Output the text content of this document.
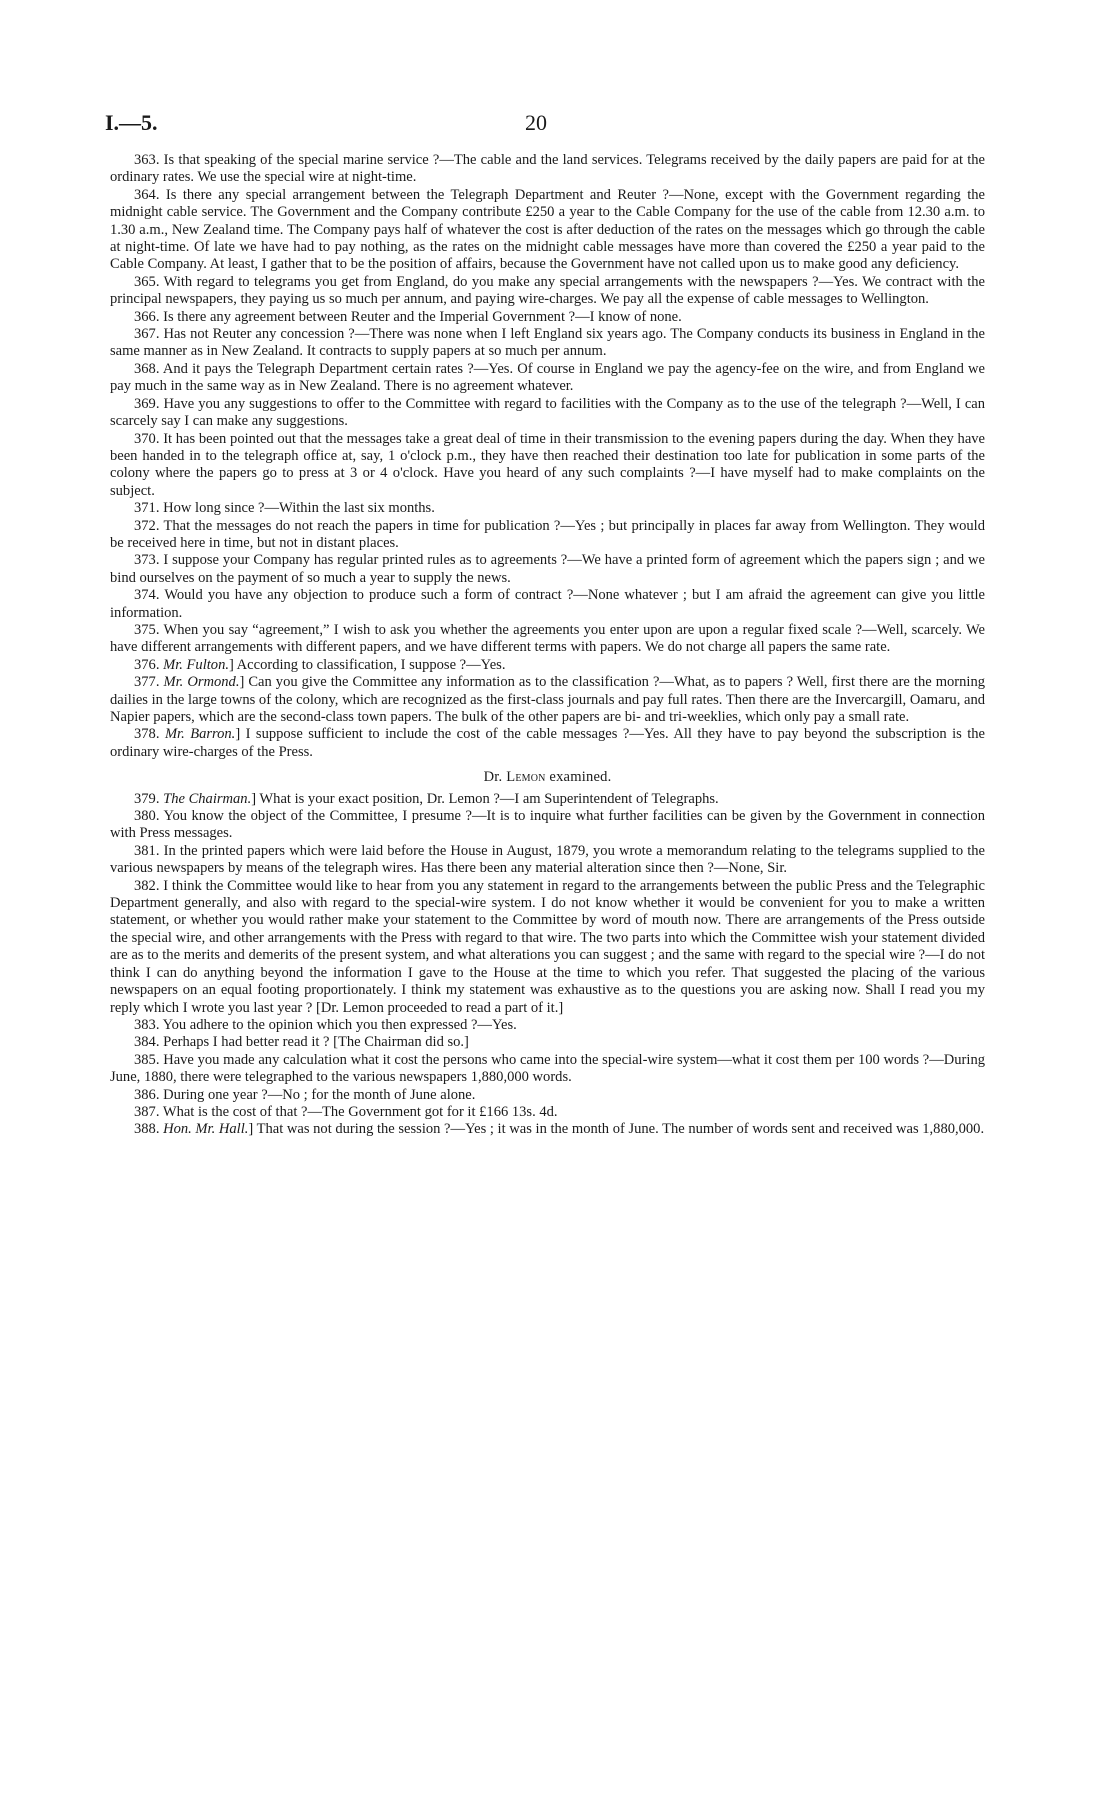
I.—5.	20

363. Is that speaking of the special marine service ?—The cable and the land services. Telegrams received by the daily papers are paid for at the ordinary rates. We use the special wire at night-time.

364. Is there any special arrangement between the Telegraph Department and Reuter ?—None, except with the Government regarding the midnight cable service. The Government and the Company contribute £250 a year to the Cable Company for the use of the cable from 12.30 a.m. to 1.30 a.m., New Zealand time. The Company pays half of whatever the cost is after deduction of the rates on the messages which go through the cable at night-time. Of late we have had to pay nothing, as the rates on the midnight cable messages have more than covered the £250 a year paid to the Cable Company. At least, I gather that to be the position of affairs, because the Government have not called upon us to make good any deficiency.

365. With regard to telegrams you get from England, do you make any special arrangements with the newspapers ?—Yes. We contract with the principal newspapers, they paying us so much per annum, and paying wire-charges. We pay all the expense of cable messages to Wellington.

366. Is there any agreement between Reuter and the Imperial Government ?—I know of none.

367. Has not Reuter any concession ?—There was none when I left England six years ago. The Company conducts its business in England in the same manner as in New Zealand. It contracts to supply papers at so much per annum.

368. And it pays the Telegraph Department certain rates ?—Yes. Of course in England we pay the agency-fee on the wire, and from England we pay much in the same way as in New Zealand. There is no agreement whatever.

369. Have you any suggestions to offer to the Committee with regard to facilities with the Company as to the use of the telegraph ?—Well, I can scarcely say I can make any suggestions.

370. It has been pointed out that the messages take a great deal of time in their transmission to the evening papers during the day. When they have been handed in to the telegraph office at, say, 1 o'clock p.m., they have then reached their destination too late for publication in some parts of the colony where the papers go to press at 3 or 4 o'clock. Have you heard of any such complaints ?—I have myself had to make complaints on the subject.

371. How long since ?—Within the last six months.

372. That the messages do not reach the papers in time for publication ?—Yes ; but principally in places far away from Wellington. They would be received here in time, but not in distant places.

373. I suppose your Company has regular printed rules as to agreements ?—We have a printed form of agreement which the papers sign ; and we bind ourselves on the payment of so much a year to supply the news.

374. Would you have any objection to produce such a form of contract ?—None whatever ; but I am afraid the agreement can give you little information.

375. When you say “agreement,” I wish to ask you whether the agreements you enter upon are upon a regular fixed scale ?—Well, scarcely. We have different arrangements with different papers, and we have different terms with papers. We do not charge all papers the same rate.

376. Mr. Fulton.] According to classification, I suppose ?—Yes.

377. Mr. Ormond.] Can you give the Committee any information as to the classification ?—What, as to papers ? Well, first there are the morning dailies in the large towns of the colony, which are recognized as the first-class journals and pay full rates. Then there are the Invercargill, Oamaru, and Napier papers, which are the second-class town papers. The bulk of the other papers are bi- and tri-weeklies, which only pay a small rate.

378. Mr. Barron.] I suppose sufficient to include the cost of the cable messages ?—Yes. All they have to pay beyond the subscription is the ordinary wire-charges of the Press.

Dr. Lemon examined.

379. The Chairman.] What is your exact position, Dr. Lemon ?—I am Superintendent of Telegraphs.

380. You know the object of the Committee, I presume ?—It is to inquire what further facilities can be given by the Government in connection with Press messages.

381. In the printed papers which were laid before the House in August, 1879, you wrote a memorandum relating to the telegrams supplied to the various newspapers by means of the telegraph wires. Has there been any material alteration since then ?—None, Sir.

382. I think the Committee would like to hear from you any statement in regard to the arrangements between the public Press and the Telegraphic Department generally, and also with regard to the special-wire system. I do not know whether it would be convenient for you to make a written statement, or whether you would rather make your statement to the Committee by word of mouth now. There are arrangements of the Press outside the special wire, and other arrangements with the Press with regard to that wire. The two parts into which the Committee wish your statement divided are as to the merits and demerits of the present system, and what alterations you can suggest ; and the same with regard to the special wire ?—I do not think I can do anything beyond the information I gave to the House at the time to which you refer. That suggested the placing of the various newspapers on an equal footing proportionately. I think my statement was exhaustive as to the questions you are asking now. Shall I read you my reply which I wrote you last year ? [Dr. Lemon proceeded to read a part of it.]

383. You adhere to the opinion which you then expressed ?—Yes.

384. Perhaps I had better read it ? [The Chairman did so.]

385. Have you made any calculation what it cost the persons who came into the special-wire system—what it cost them per 100 words ?—During June, 1880, there were telegraphed to the various newspapers 1,880,000 words.

386. During one year ?—No ; for the month of June alone.

387. What is the cost of that ?—The Government got for it £166 13s. 4d.

388. Hon. Mr. Hall.] That was not during the session ?—Yes ; it was in the month of June. The number of words sent and received was 1,880,000.
